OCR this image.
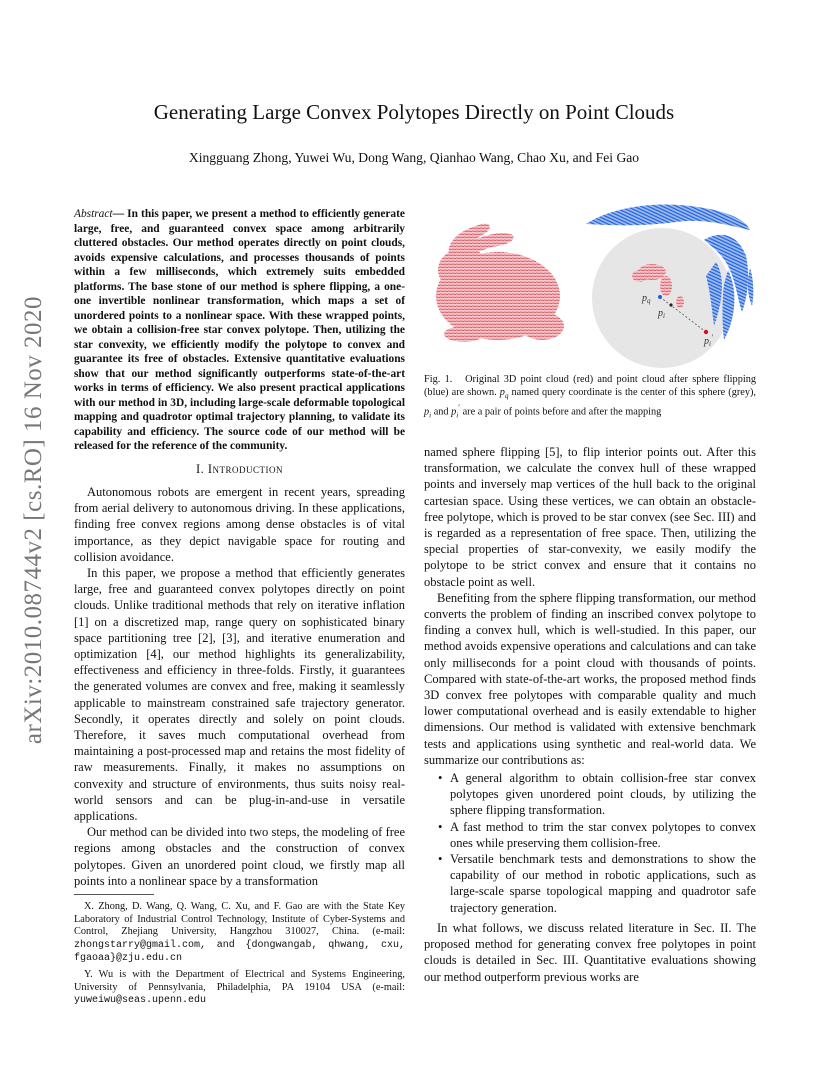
arXiv:2010.08744v2 [cs.RO] 16 Nov 2020
Generating Large Convex Polytopes Directly on Point Clouds
Xingguang Zhong, Yuwei Wu, Dong Wang, Qianhao Wang, Chao Xu, and Fei Gao
Abstract— In this paper, we present a method to efficiently generate large, free, and guaranteed convex space among arbitrarily cluttered obstacles. Our method operates directly on point clouds, avoids expensive calculations, and processes thousands of points within a few milliseconds, which extremely suits embedded platforms. The base stone of our method is sphere flipping, a one-one invertible nonlinear transformation, which maps a set of unordered points to a nonlinear space. With these wrapped points, we obtain a collision-free star convex polytope. Then, utilizing the star convexity, we efficiently modify the polytope to convex and guarantee its free of obstacles. Extensive quantitative evaluations show that our method significantly outperforms state-of-the-art works in terms of efficiency. We also present practical applications with our method in 3D, including large-scale deformable topological mapping and quadrotor optimal trajectory planning, to validate its capability and efficiency. The source code of our method will be released for the reference of the community.
I. Introduction

Autonomous robots are emergent in recent years, spreading from aerial delivery to autonomous driving. In these applications, finding free convex regions among dense obstacles is of vital importance, as they depict navigable space for routing and collision avoidance.

In this paper, we propose a method that efficiently generates large, free and guaranteed convex polytopes directly on point clouds. Unlike traditional methods that rely on iterative inflation [1] on a discretized map, range query on sophisticated binary space partitioning tree [2], [3], and iterative enumeration and optimization [4], our method highlights its generalizability, effectiveness and efficiency in three-folds. Firstly, it guarantees the generated volumes are convex and free, making it seamlessly applicable to mainstream constrained safe trajectory generator. Secondly, it operates directly and solely on point clouds. Therefore, it saves much computational overhead from maintaining a post-processed map and retains the most fidelity of raw measurements. Finally, it makes no assumptions on convexity and structure of environments, thus suits noisy real-world sensors and can be plug-in-and-use in versatile applications.

Our method can be divided into two steps, the modeling of free regions among obstacles and the construction of convex polytopes. Given an unordered point cloud, we firstly map all points into a nonlinear space by a transformation

X. Zhong, D. Wang, Q. Wang, C. Xu, and F. Gao are with the State Key Laboratory of Industrial Control Technology, Institute of Cyber-Systems and Control, Zhejiang University, Hangzhou 310027, China. (e-mail: zhongstarry@gmail.com, and {dongwangab, qhwang, cxu, fgaoaa}@zju.edu.cn

Y. Wu is with the Department of Electrical and Systems Engineering, University of Pennsylvania, Philadelphia, PA 19104 USA (e-mail: yuweiwu@seas.upenn.edu

$p_q$
$p_i$
$p_i'$
Fig. 1. Original 3D point cloud (red) and point cloud after sphere flipping (blue) are shown. $p_q$ named query coordinate is the center of this sphere (grey), $p_i$ and $p_i'$ are a pair of points before and after the mapping

named sphere flipping [5], to flip interior points out. After this transformation, we calculate the convex hull of these wrapped points and inversely map vertices of the hull back to the original cartesian space. Using these vertices, we can obtain an obstacle-free polytope, which is proved to be star convex (see Sec. III) and is regarded as a representation of free space. Then, utilizing the special properties of star-convexity, we easily modify the polytope to be strict convex and ensure that it contains no obstacle point as well.

Benefiting from the sphere flipping transformation, our method converts the problem of finding an inscribed convex polytope to finding a convex hull, which is well-studied. In this paper, our method avoids expensive operations and calculations and can take only milliseconds for a point cloud with thousands of points. Compared with state-of-the-art works, the proposed method finds 3D convex free polytopes with comparable quality and much lower computational overhead and is easily extendable to higher dimensions. Our method is validated with extensive benchmark tests and applications using synthetic and real-world data. We summarize our contributions as:

• A general algorithm to obtain collision-free star convex polytopes given unordered point clouds, by utilizing the sphere flipping transformation.
• A fast method to trim the star convex polytopes to convex ones while preserving them collision-free.
• Versatile benchmark tests and demonstrations to show the capability of our method in robotic applications, such as large-scale sparse topological mapping and quadrotor safe trajectory generation.

In what follows, we discuss related literature in Sec. II. The proposed method for generating convex free polytopes in point clouds is detailed in Sec. III. Quantitative evaluations showing our method outperform previous works are
